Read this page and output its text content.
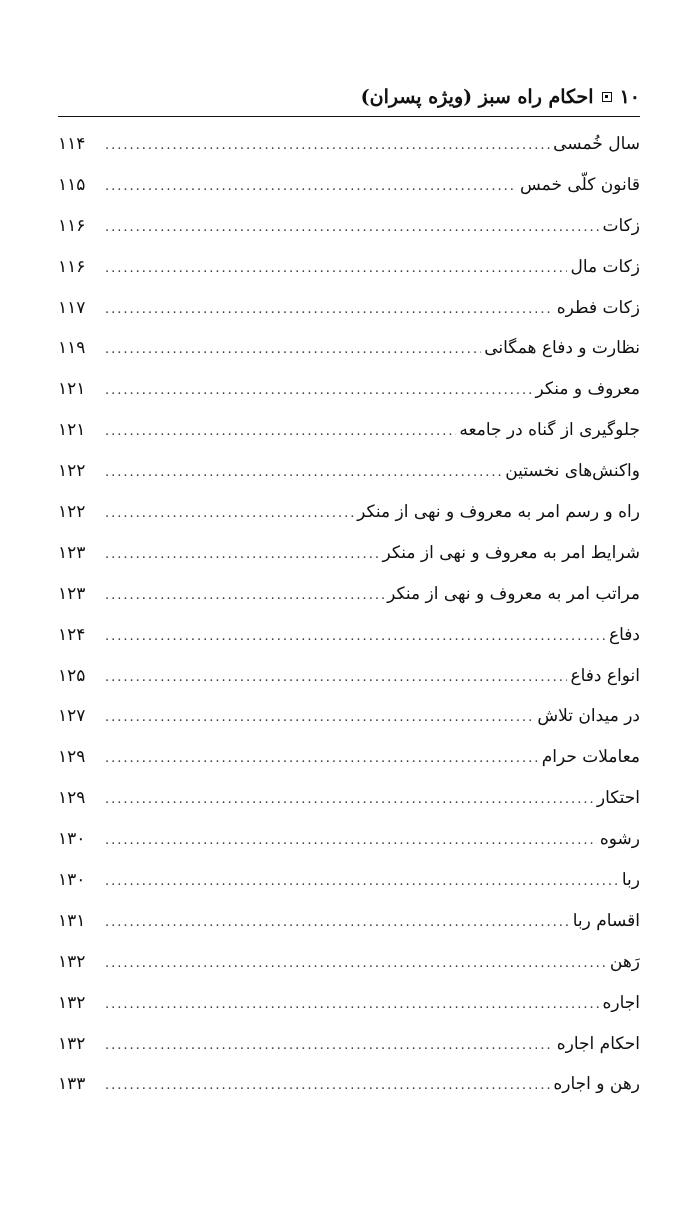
۱۰
احکام راه سبز (ویژه پسران)
سال خُمسی
.....
۱۱۴
قانون کلّی خمس
.....
۱۱۵
زکات
.....
۱۱۶
زکات مال
.....
۱۱۶
زکات فطره
.....
۱۱۷
نظارت و دفاع همگانی
.....
۱۱۹
معروف و منکر
.....
۱۲۱
جلوگیری از گناه در جامعه
.....
۱۲۱
واکنش‌های نخستین
.....
۱۲۲
راه و رسم امر به معروف و نهی از منکر
.....
۱۲۲
شرایط امر به معروف و نهی از منکر
.....
۱۲۳
مراتب امر به معروف و نهی از منکر
.....
۱۲۳
دفاع
.....
۱۲۴
انواع دفاع
.....
۱۲۵
در میدان تلاش
.....
۱۲۷
معاملات حرام
.....
۱۲۹
احتکار
.....
۱۲۹
رشوه
.....
۱۳۰
ربا
.....
۱۳۰
اقسام ربا
.....
۱۳۱
رَهن
.....
۱۳۲
اجاره
.....
۱۳۲
احکام اجاره
.....
۱۳۲
رهن و اجاره
.....
۱۳۳
